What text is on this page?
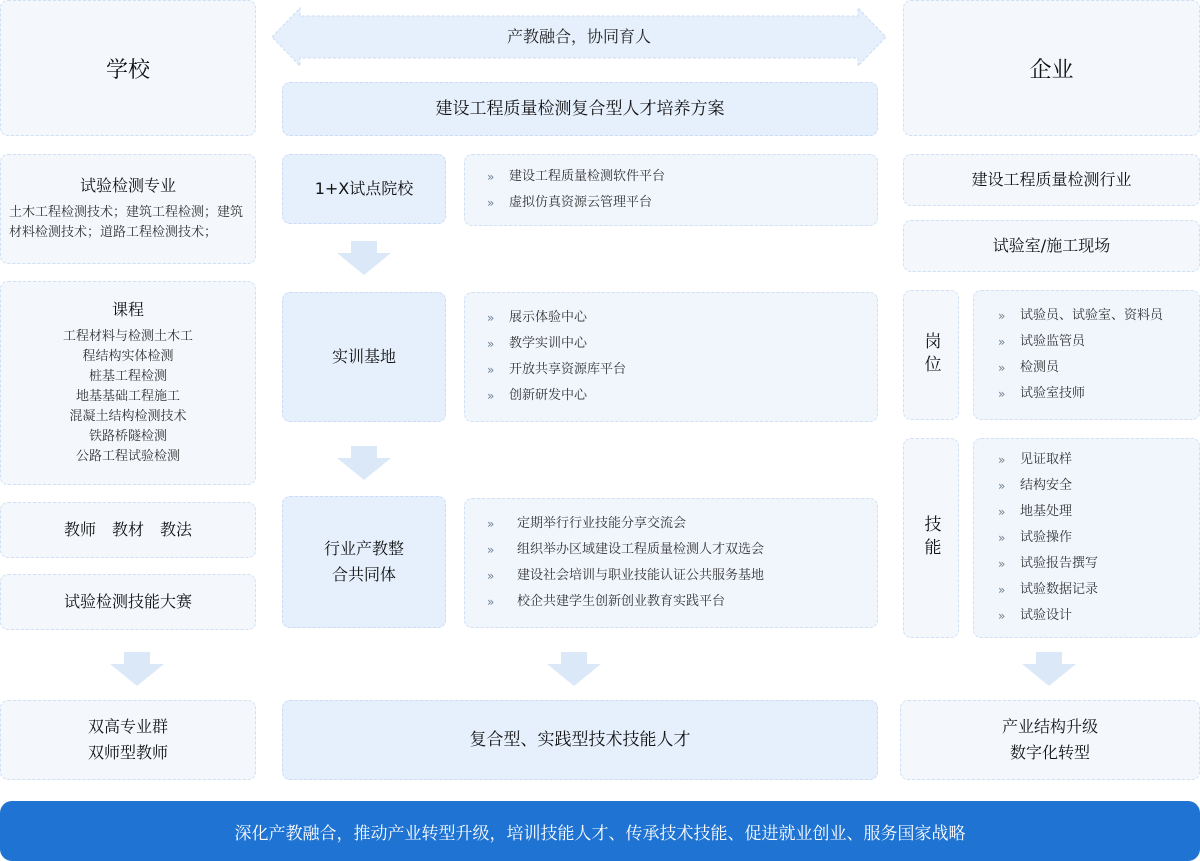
学校
产教融合，协同育人
建设工程质量检测复合型人才培养方案
企业
试验检测专业
土木工程检测技术；建筑工程检测；建筑材料检测技术；道路工程检测技术；
课程
工程材料与检测土木工
程结构实体检测
桩基工程检测
地基基础工程施工
混凝土结构检测技术
铁路桥隧检测
公路工程试验检测
教师　教材　教法
试验检测技能大赛
双高专业群
双师型教师
1+X试点院校
»	建设工程质量检测软件平台
»	虚拟仿真资源云管理平台
实训基地
»	展示体验中心
»	教学实训中心
»	开放共享资源库平台
»	创新研发中心
行业产教整
合共同体
»	定期举行行业技能分享交流会
»	组织举办区域建设工程质量检测人才双选会
»	建设社会培训与职业技能认证公共服务基地
»	校企共建学生创新创业教育实践平台
复合型、实践型技术技能人才
建设工程质量检测行业
试验室/施工现场
岗位
»	试验员、试验室、资料员
»	试验监管员
»	检测员
»	试验室技师
技能
»	见证取样
»	结构安全
»	地基处理
»	试验操作
»	试验报告撰写
»	试验数据记录
»	试验设计
产业结构升级
数字化转型
深化产教融合，推动产业转型升级，培训技能人才、传承技术技能、促进就业创业、服务国家战略
